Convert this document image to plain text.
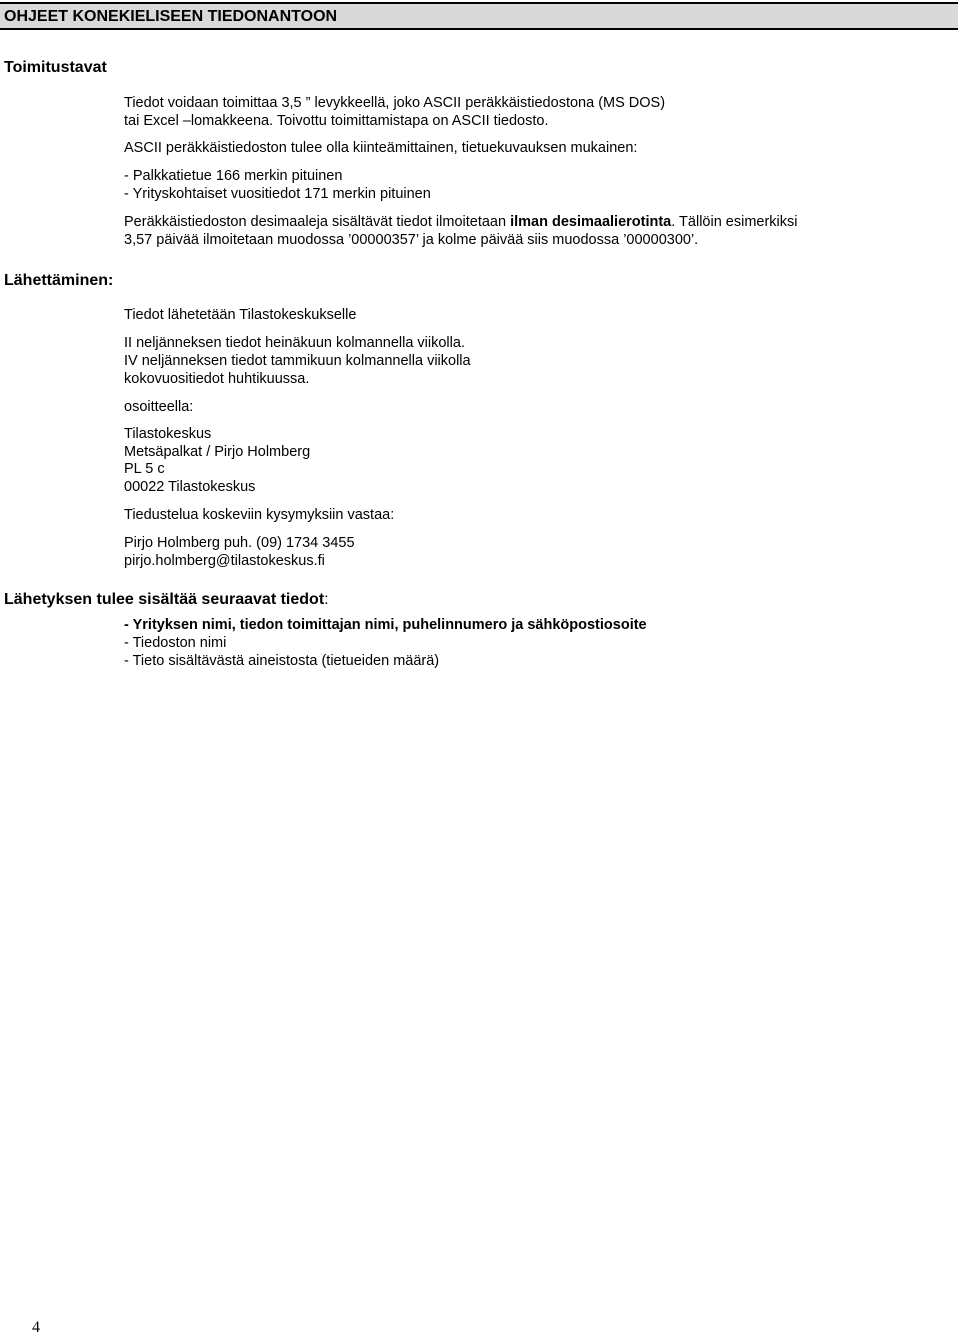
OHJEET KONEKIELISEEN TIEDONANTOON
Toimitustavat
Tiedot voidaan toimittaa 3,5 ” levykkeellä, joko ASCII peräkkäistiedostona (MS DOS)
tai Excel –lomakkeena. Toivottu toimittamistapa on ASCII tiedosto.
ASCII peräkkäistiedoston tulee olla kiinteämittainen, tietuekuvauksen mukainen:
- Palkkatietue 166 merkin pituinen
- Yrityskohtaiset vuositiedot 171 merkin pituinen
Peräkkäistiedoston desimaaleja sisältävät tiedot ilmoitetaan ilman desimaalierotinta. Tällöin esimerkiksi
3,57 päivää ilmoitetaan muodossa ’00000357’ ja kolme päivää siis muodossa ’00000300’.
Lähettäminen:
Tiedot lähetetään Tilastokeskukselle
II neljänneksen tiedot heinäkuun kolmannella viikolla.
IV neljänneksen tiedot tammikuun kolmannella viikolla
kokovuositiedot huhtikuussa.
osoitteella:
Tilastokeskus
Metsäpalkat / Pirjo Holmberg
PL 5 c
00022 Tilastokeskus
Tiedustelua koskeviin kysymyksiin vastaa:
Pirjo Holmberg puh. (09) 1734 3455
pirjo.holmberg@tilastokeskus.fi
Lähetyksen tulee sisältää seuraavat tiedot:
- Yrityksen nimi, tiedon toimittajan nimi, puhelinnumero ja sähköpostiosoite
- Tiedoston nimi
- Tieto sisältävästä aineistosta (tietueiden määrä)
4
